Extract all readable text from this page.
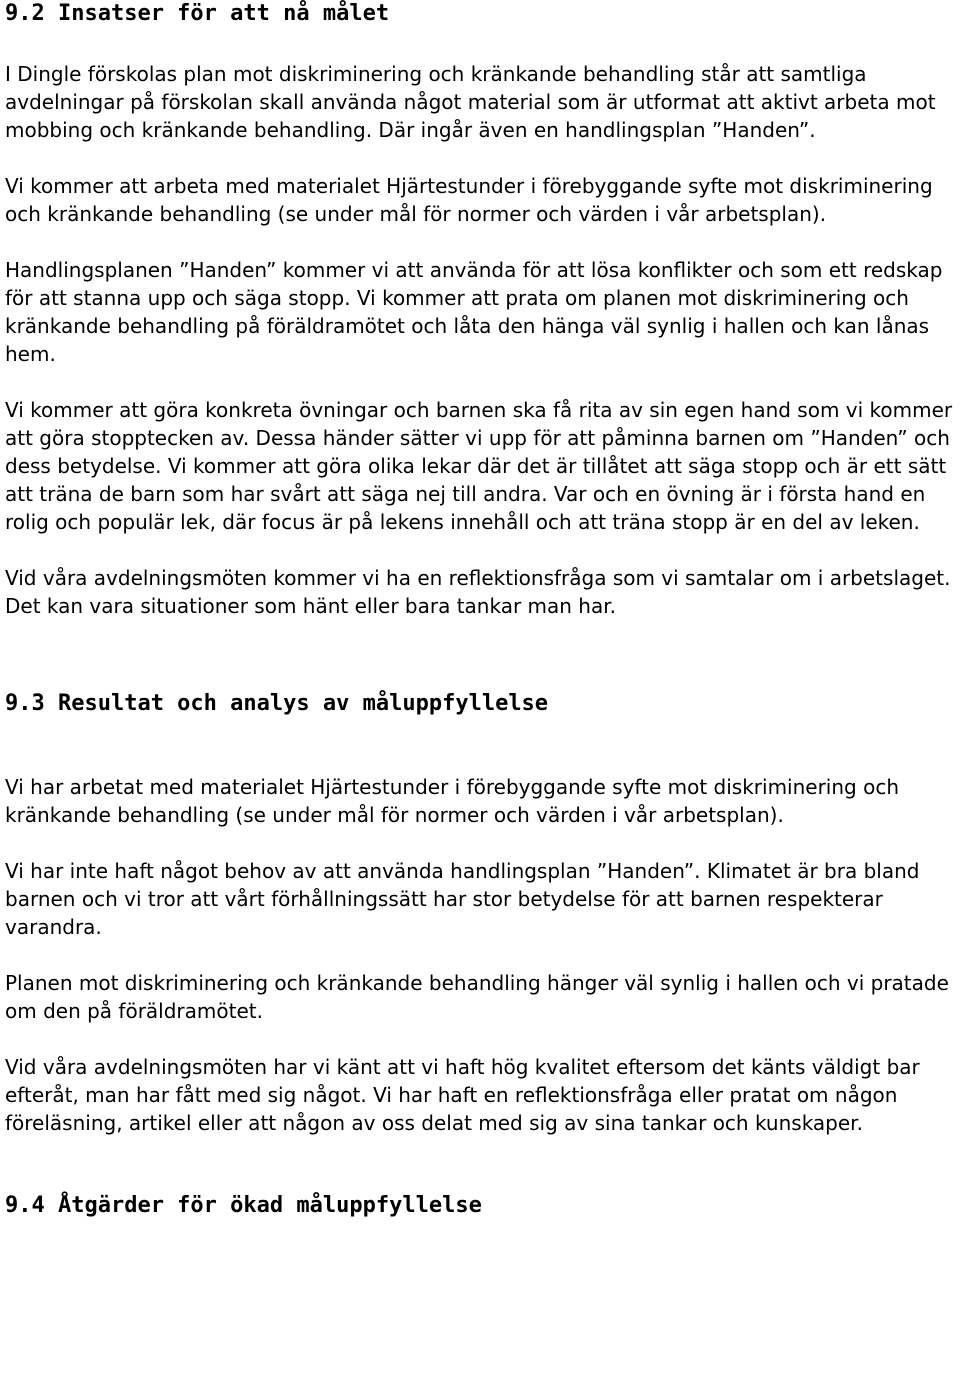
9.2 Insatser för att nå målet

I Dingle förskolas plan mot diskriminering och kränkande behandling står att samtliga avdelningar på förskolan skall använda något material som är utformat att aktivt arbeta mot mobbing och kränkande behandling. Där ingår även en handlingsplan ”Handen”.

Vi kommer att arbeta med materialet Hjärtestunder i förebyggande syfte mot diskriminering och kränkande behandling (se under mål för normer och värden i vår arbetsplan).

Handlingsplanen ”Handen” kommer vi att använda för att lösa konflikter och som ett redskap för att stanna upp och säga stopp. Vi kommer att prata om planen mot diskriminering och kränkande behandling på föräldramötet och låta den hänga väl synlig i hallen och kan lånas hem.

Vi kommer att göra konkreta övningar och barnen ska få rita av sin egen hand som vi kommer att göra stopptecken av. Dessa händer sätter vi upp för att påminna barnen om ”Handen” och dess betydelse. Vi kommer att göra olika lekar där det är tillåtet att säga stopp och är ett sätt att träna de barn som har svårt att säga nej till andra. Var och en övning är i första hand en rolig och populär lek, där focus är på lekens innehåll och att träna stopp är en del av leken.

Vid våra avdelningsmöten kommer vi ha en reflektionsfråga som vi samtalar om i arbetslaget. Det kan vara situationer som hänt eller bara tankar man har.

9.3 Resultat och analys av måluppfyllelse

Vi har arbetat med materialet Hjärtestunder i förebyggande syfte mot diskriminering och kränkande behandling (se under mål för normer och värden i vår arbetsplan).

Vi har inte haft något behov av att använda handlingsplan ”Handen”. Klimatet är bra bland barnen och vi tror att vårt förhållningssätt har stor betydelse för att barnen respekterar varandra.

Planen mot diskriminering och kränkande behandling hänger väl synlig i hallen och vi pratade om den på föräldramötet.

Vid våra avdelningsmöten har vi känt att vi haft hög kvalitet eftersom det känts väldigt bar efteråt, man har fått med sig något. Vi har haft en reflektionsfråga eller pratat om någon föreläsning, artikel eller att någon av oss delat med sig av sina tankar och kunskaper.

9.4 Åtgärder för ökad måluppfyllelse
